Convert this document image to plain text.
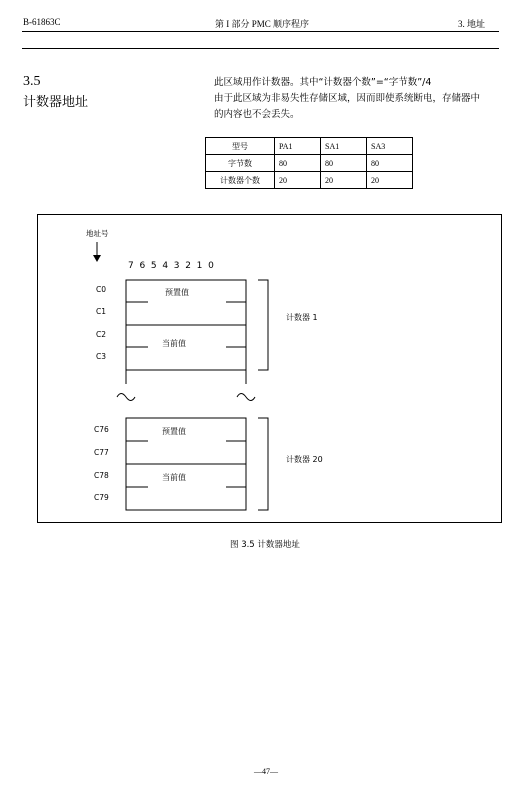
B-61863C	第 I 部分 PMC 顺序程序	3. 地址
3.5
计数器地址
此区域用作计数器。其中“计数器个数”=“字节数”/4
由于此区域为非易失性存储区域，因而即使系统断电，存储器中
的内容也不会丢失。
型号	PA1	SA1	SA3
字节数	80	80	80
计数器个数	20	20	20
地址号
7  6  5  4  3  2  1  0
C0
C1
C2
C3
预置值
当前值
计数器 1
C76
C77
C78
C79
预置值
当前值
计数器 20
图 3.5 计数器地址
—47—
